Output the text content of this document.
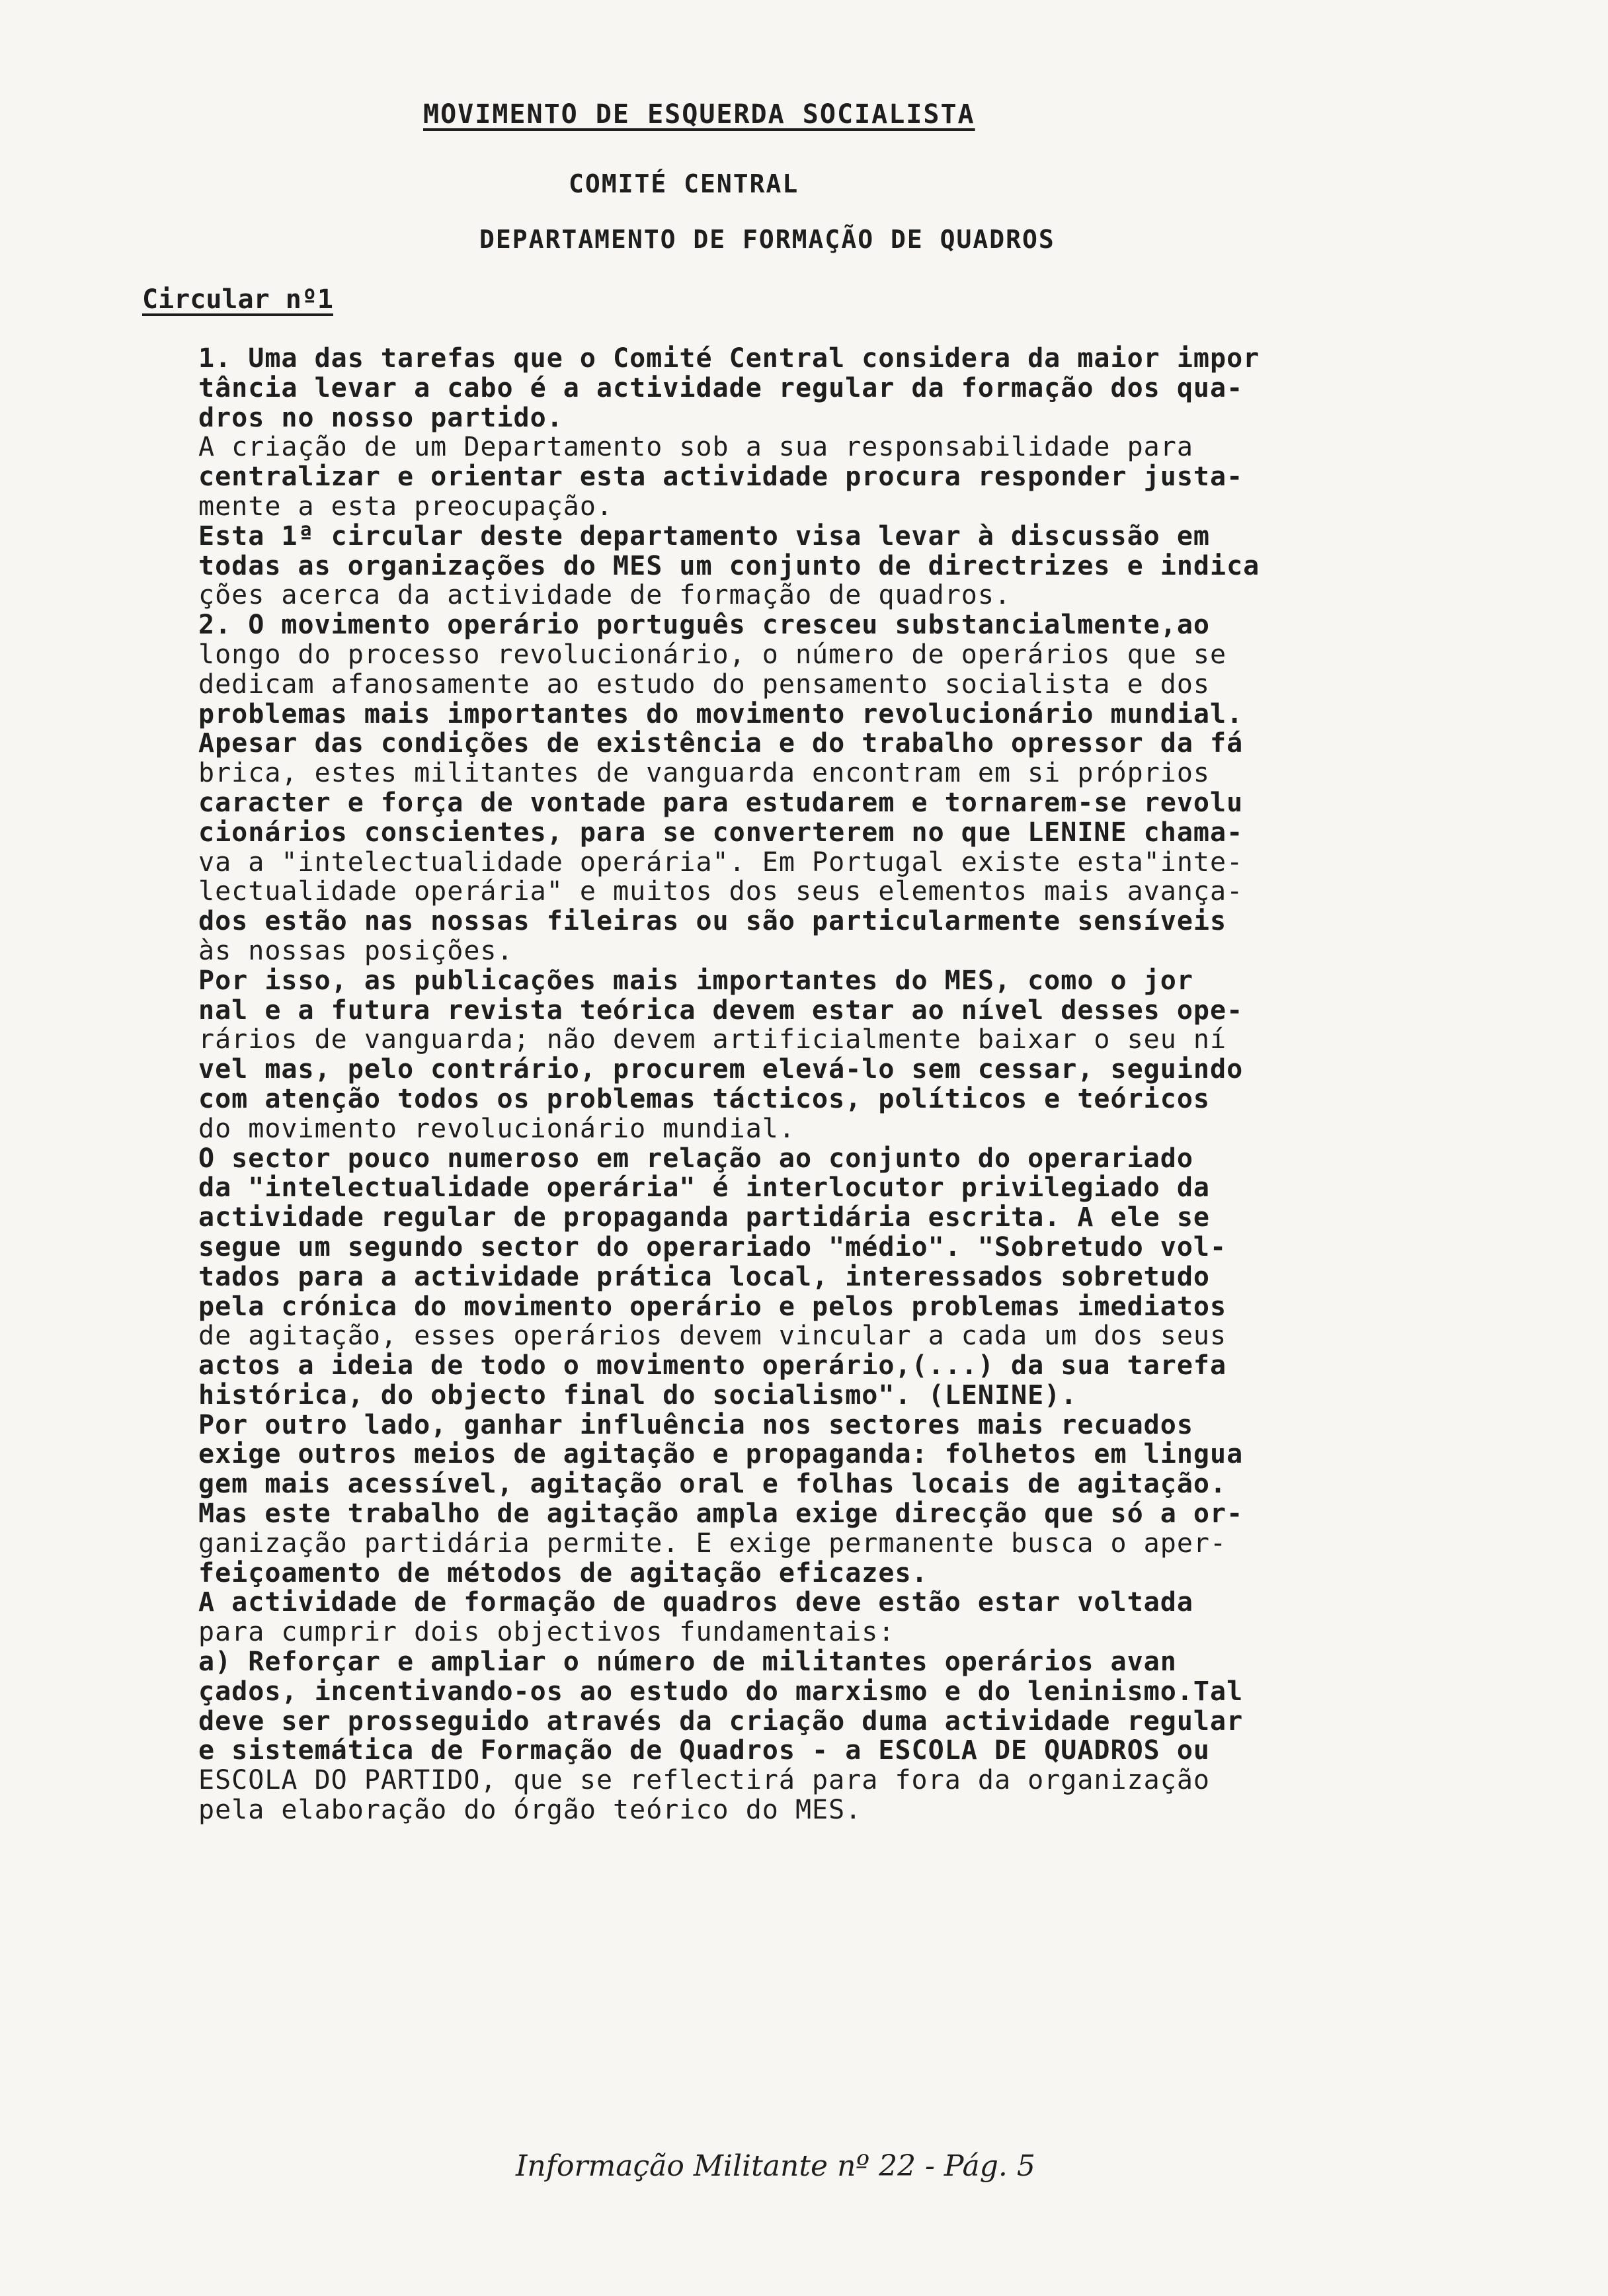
MOVIMENTO DE ESQUERDA SOCIALISTA
COMITÉ CENTRAL
DEPARTAMENTO DE FORMAÇÃO DE QUADROS
Circular nº1
1. Uma das tarefas que o Comité Central considera da maior impor
tância levar a cabo é a actividade regular da formação dos qua-
dros no nosso partido.
A criação de um Departamento sob a sua responsabilidade para
centralizar e orientar esta actividade procura responder justa-
mente a esta preocupação.
Esta 1ª circular deste departamento visa levar à discussão em
todas as organizações do MES um conjunto de directrizes e indica
ções acerca da actividade de formação de quadros.
2. O movimento operário português cresceu substancialmente,ao
longo do processo revolucionário, o número de operários que se
dedicam afanosamente ao estudo do pensamento socialista e dos
problemas mais importantes do movimento revolucionário mundial.
Apesar das condições de existência e do trabalho opressor da fá
brica, estes militantes de vanguarda encontram em si próprios
caracter e força de vontade para estudarem e tornarem-se revolu
cionários conscientes, para se converterem no que LENINE chama-
va a "intelectualidade operária". Em Portugal existe esta"inte-
lectualidade operária" e muitos dos seus elementos mais avança-
dos estão nas nossas fileiras ou são particularmente sensíveis
às nossas posições.
Por isso, as publicações mais importantes do MES, como o jor
nal e a futura revista teórica devem estar ao nível desses ope-
rários de vanguarda; não devem artificialmente baixar o seu ní
vel mas, pelo contrário, procurem elevá-lo sem cessar, seguindo
com atenção todos os problemas tácticos, políticos e teóricos
do movimento revolucionário mundial.
O sector pouco numeroso em relação ao conjunto do operariado
da "intelectualidade operária" é interlocutor privilegiado da
actividade regular de propaganda partidária escrita. A ele se
segue um segundo sector do operariado "médio". "Sobretudo vol-
tados para a actividade prática local, interessados sobretudo
pela crónica do movimento operário e pelos problemas imediatos
de agitação, esses operários devem vincular a cada um dos seus
actos a ideia de todo o movimento operário,(...) da sua tarefa
histórica, do objecto final do socialismo". (LENINE).
Por outro lado, ganhar influência nos sectores mais recuados
exige outros meios de agitação e propaganda: folhetos em lingua
gem mais acessível, agitação oral e folhas locais de agitação.
Mas este trabalho de agitação ampla exige direcção que só a or-
ganização partidária permite. E exige permanente busca o aper-
feiçoamento de métodos de agitação eficazes.
A actividade de formação de quadros deve estão estar voltada
para cumprir dois objectivos fundamentais:
a) Reforçar e ampliar o número de militantes operários avan
çados, incentivando-os ao estudo do marxismo e do leninismo.Tal
deve ser prosseguido através da criação duma actividade regular
e sistemática de Formação de Quadros - a ESCOLA DE QUADROS ou
ESCOLA DO PARTIDO, que se reflectirá para fora da organização
pela elaboração do órgão teórico do MES.
Informação Militante nº 22 - Pág. 5
